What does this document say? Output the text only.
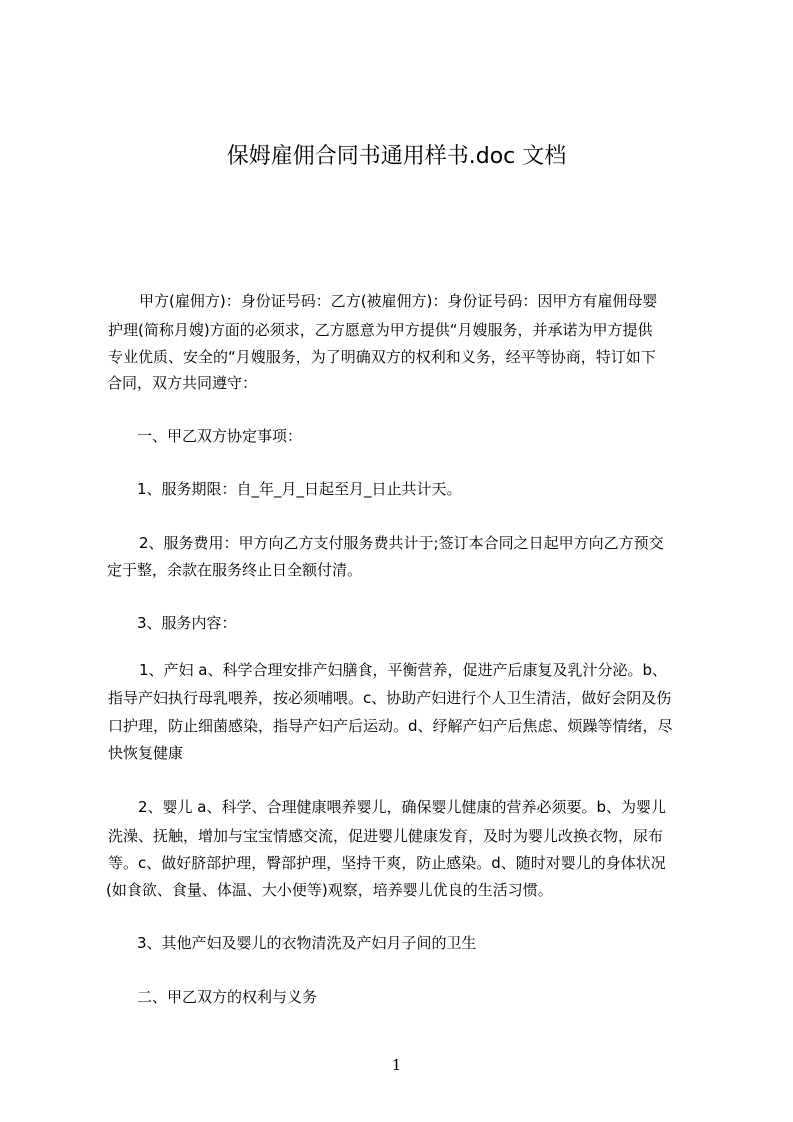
保姆雇佣合同书通用样书.doc 文档
甲方(雇佣方)：身份证号码：乙方(被雇佣方)：身份证号码：因甲方有雇佣母婴
护理(简称月嫂)方面的必须求，乙方愿意为甲方提供“月嫂服务，并承诺为甲方提供
专业优质、安全的“月嫂服务，为了明确双方的权利和义务，经平等协商，特订如下
合同，双方共同遵守：
一、甲乙双方协定事项：
1、服务期限：自_年_月_日起至月_日止共计天。
2、服务费用：甲方向乙方支付服务费共计于;签订本合同之日起甲方向乙方预交
定于整，余款在服务终止日全额付清。
3、服务内容：
1、产妇 a、科学合理安排产妇膳食，平衡营养，促进产后康复及乳汁分泌。b、
指导产妇执行母乳喂养，按必须哺喂。c、协助产妇进行个人卫生清洁，做好会阴及伤
口护理，防止细菌感染，指导产妇产后运动。d、纾解产妇产后焦虑、烦躁等情绪，尽
快恢复健康
2、婴儿 a、科学、合理健康喂养婴儿，确保婴儿健康的营养必须要。b、为婴儿
洗澡、抚触，增加与宝宝情感交流，促进婴儿健康发育，及时为婴儿改换衣物，尿布
等。c、做好脐部护理，臀部护理，坚持干爽，防止感染。d、随时对婴儿的身体状况
(如食欲、食量、体温、大小便等)观察，培养婴儿优良的生活习惯。
3、其他产妇及婴儿的衣物清洗及产妇月子间的卫生
二、甲乙双方的权利与义务
1
